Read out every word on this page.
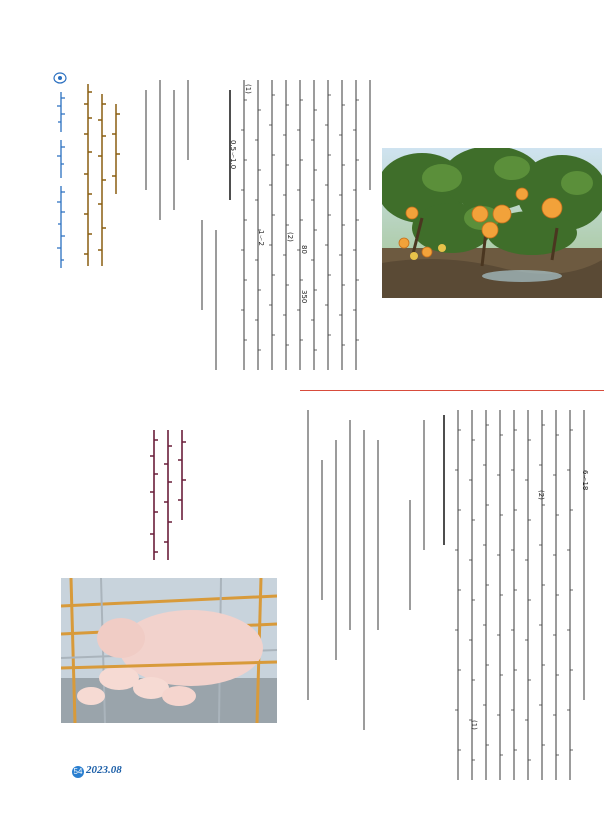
0.5～1.0
1～2	(2)
80
350
(1)
6～18
(2)
(1)
54 2023.08
